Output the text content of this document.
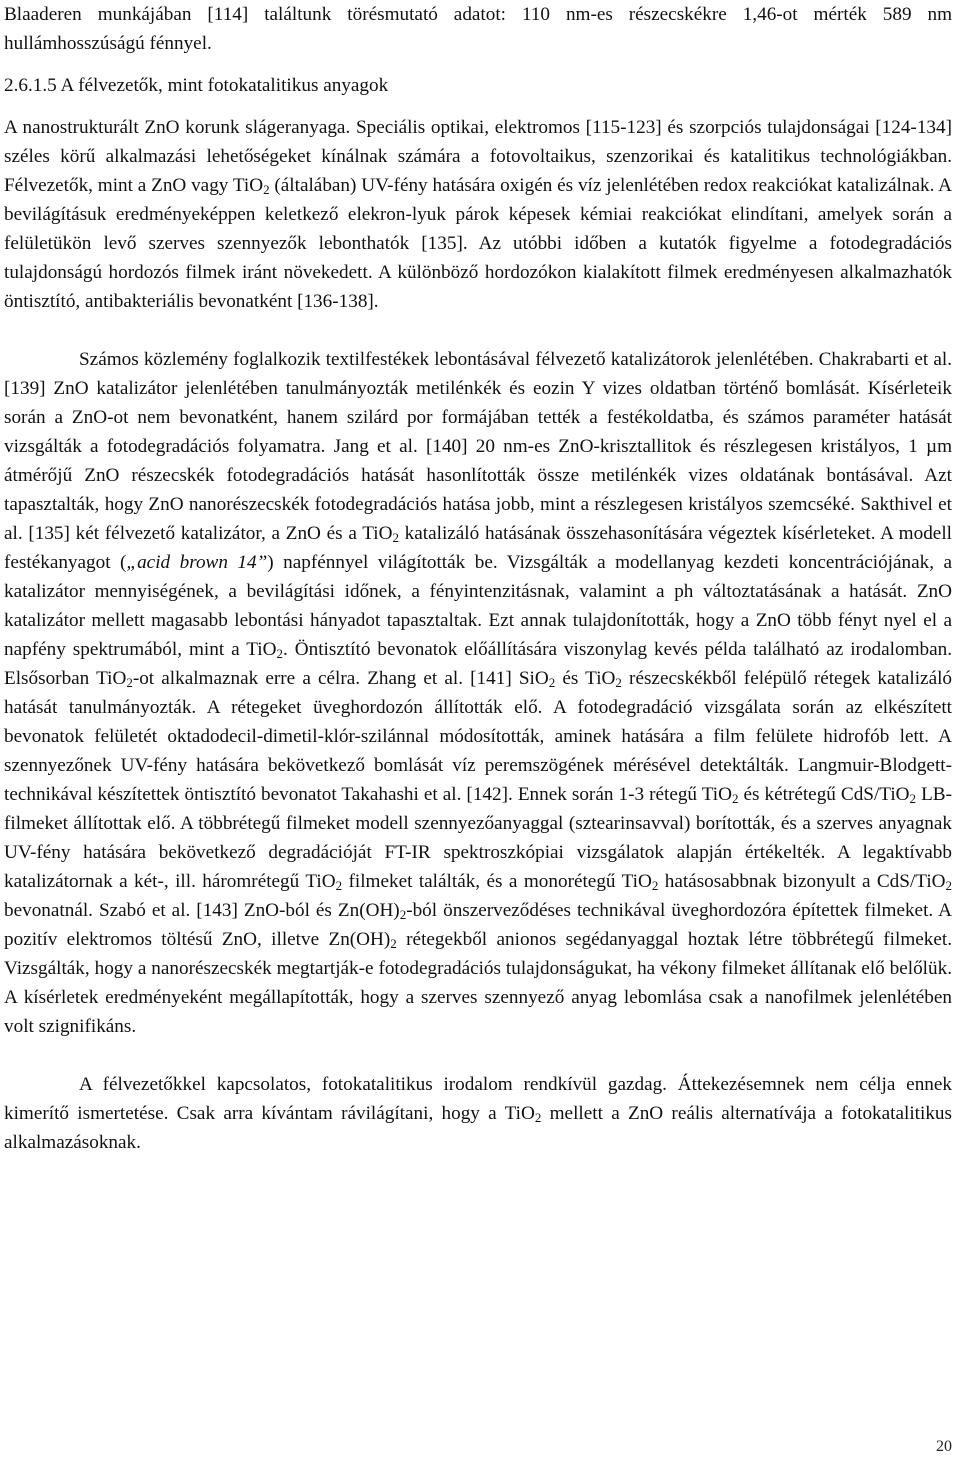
Blaaderen munkájában [114] találtunk törésmutató adatot: 110 nm-es részecskékre 1,46-ot mérték 589 nm hullámhosszúságú fénnyel.

2.6.1.5 A félvezetők, mint fotokatalitikus anyagok

A nanostrukturált ZnO korunk slágeranyaga. Speciális optikai, elektromos [115-123] és szorpciós tulajdonságai [124-134] széles körű alkalmazási lehetőségeket kínálnak számára a fotovoltaikus, szenzorikai és katalitikus technológiákban. Félvezetők, mint a ZnO vagy TiO$_2$ (általában) UV-fény hatására oxigén és víz jelenlétében redox reakciókat katalizálnak. A bevilágításuk eredményeképpen keletkező elekron-lyuk párok képesek kémiai reakciókat elindítani, amelyek során a felületükön levő szerves szennyezők lebonthatók [135]. Az utóbbi időben a kutatók figyelme a fotodegradációs tulajdonságú hordozós filmek iránt növekedett. A különböző hordozókon kialakított filmek eredményesen alkalmazhatók öntisztító, antibakteriális bevonatként [136-138].

Számos közlemény foglalkozik textilfestékek lebontásával félvezető katalizátorok jelenlétében. Chakrabarti et al. [139] ZnO katalizátor jelenlétében tanulmányozták metilénkék és eozin Y vizes oldatban történő bomlását. Kísérleteik során a ZnO-ot nem bevonatként, hanem szilárd por formájában tették a festékoldatba, és számos paraméter hatását vizsgálták a fotodegradációs folyamatra. Jang et al. [140] 20 nm-es ZnO-krisztallitok és részlegesen kristályos, 1 µm átmérőjű ZnO részecskék fotodegradációs hatását hasonlították össze metilénkék vizes oldatának bontásával. Azt tapasztalták, hogy ZnO nanorészecskék fotodegradációs hatása jobb, mint a részlegesen kristályos szemcséké. Sakthivel et al. [135] két félvezető katalizátor, a ZnO és a TiO$_2$ katalizáló hatásának összehasonítására végeztek kísérleteket. A modell festékanyagot („acid brown 14”) napfénnyel világították be. Vizsgálták a modellanyag kezdeti koncentrációjának, a katalizátor mennyiségének, a bevilágítási időnek, a fényintenzitásnak, valamint a ph változtatásának a hatását. ZnO katalizátor mellett magasabb lebontási hányadot tapasztaltak. Ezt annak tulajdonították, hogy a ZnO több fényt nyel el a napfény spektrumából, mint a TiO$_2$. Öntisztító bevonatok előállítására viszonylag kevés példa található az irodalomban. Elsősorban TiO$_2$-ot alkalmaznak erre a célra. Zhang et al. [141] SiO$_2$ és TiO$_2$ részecskékből felépülő rétegek katalizáló hatását tanulmányozták. A rétegeket üveghordozón állították elő. A fotodegradáció vizsgálata során az elkészített bevonatok felületét oktadodecil-dimetil-klór-szilánnal módosították, aminek hatására a film felülete hidrofób lett. A szennyezőnek UV-fény hatására bekövetkező bomlását víz peremszögének mérésével detektálták. Langmuir-Blodgett-technikával készítettek öntisztító bevonatot Takahashi et al. [142]. Ennek során 1-3 rétegű TiO$_2$ és kétrétegű CdS/TiO$_2$ LB-filmeket állítottak elő. A többrétegű filmeket modell szennyezőanyaggal (sztearinsavval) borították, és a szerves anyagnak UV-fény hatására bekövetkező degradációját FT-IR spektroszkópiai vizsgálatok alapján értékelték. A legaktívabb katalizátornak a két-, ill. háromrétegű TiO$_2$ filmeket találták, és a monorétegű TiO$_2$ hatásosabbnak bizonyult a CdS/TiO$_2$ bevonatnál. Szabó et al. [143] ZnO-ból és $Zn(OH)_2$-ból önszerveződéses technikával üveghordozóra építettek filmeket. A pozitív elektromos töltésű ZnO, illetve $Zn(OH)_2$ rétegekből anionos segédanyaggal hoztak létre többrétegű filmeket. Vizsgálták, hogy a nanorészecskék megtartják-e fotodegradációs tulajdonságukat, ha vékony filmeket állítanak elő belőlük. A kísérletek eredményeként megállapították, hogy a szerves szennyező anyag lebomlása csak a nanofilmek jelenlétében volt szignifikáns.

A félvezetőkkel kapcsolatos, fotokatalitikus irodalom rendkívül gazdag. Áttekezésemnek nem célja ennek kimerítő ismertetése. Csak arra kívántam rávilágítani, hogy a TiO$_2$ mellett a ZnO reális alternatívája a fotokatalitikus alkalmazásoknak.

20
